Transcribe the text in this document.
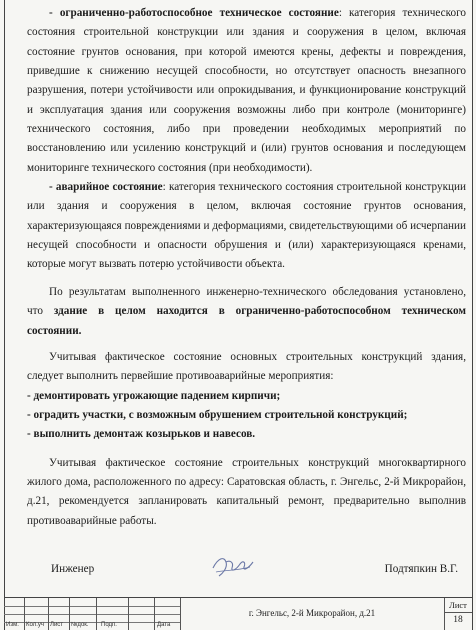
- ограниченно-работоспособное техническое состояние: категория технического состояния строительной конструкции или здания и сооружения в целом, включая состояние грунтов основания, при которой имеются крены, дефекты и повреждения, приведшие к снижению несущей способности, но отсутствует опасность внезапного разрушения, потери устойчивости или опрокидывания, и функционирование конструкций и эксплуатация здания или сооружения возможны либо при контроле (мониторинге) технического состояния, либо при проведении необходимых мероприятий по восстановлению или усилению конструкций и (или) грунтов основания и последующем мониторинге технического состояния (при необходимости).

- аварийное состояние: категория технического состояния строительной конструкции или здания и сооружения в целом, включая состояние грунтов основания, характеризующаяся повреждениями и деформациями, свидетельствующими об исчерпании несущей способности и опасности обрушения и (или) характеризующаяся кренами, которые могут вызвать потерю устойчивости объекта.

По результатам выполненного инженерно-технического обследования установлено, что здание в целом находится в ограниченно-работоспособном техническом состоянии.

Учитывая фактическое состояние основных строительных конструкций здания, следует выполнить первейшие противоаварийные мероприятия:

- демонтировать угрожающие падением кирпичи;

- оградить участки, с возможным обрушением строительной конструкций;

- выполнить демонтаж козырьков и навесов.

Учитывая фактическое состояние строительных конструкций многоквартирного жилого дома, расположенного по адресу: Саратовская область, г. Энгельс, 2-й Микрорайон, д.21, рекомендуется запланировать капитальный ремонт, предварительно выполнив противоаварийные работы.

Инженер	Подтяпкин В.Г.
Изм. Кол.уч Лист №док. Подп.	Дата
г. Энгельс, 2-й Микрорайон, д.21
Лист
18
